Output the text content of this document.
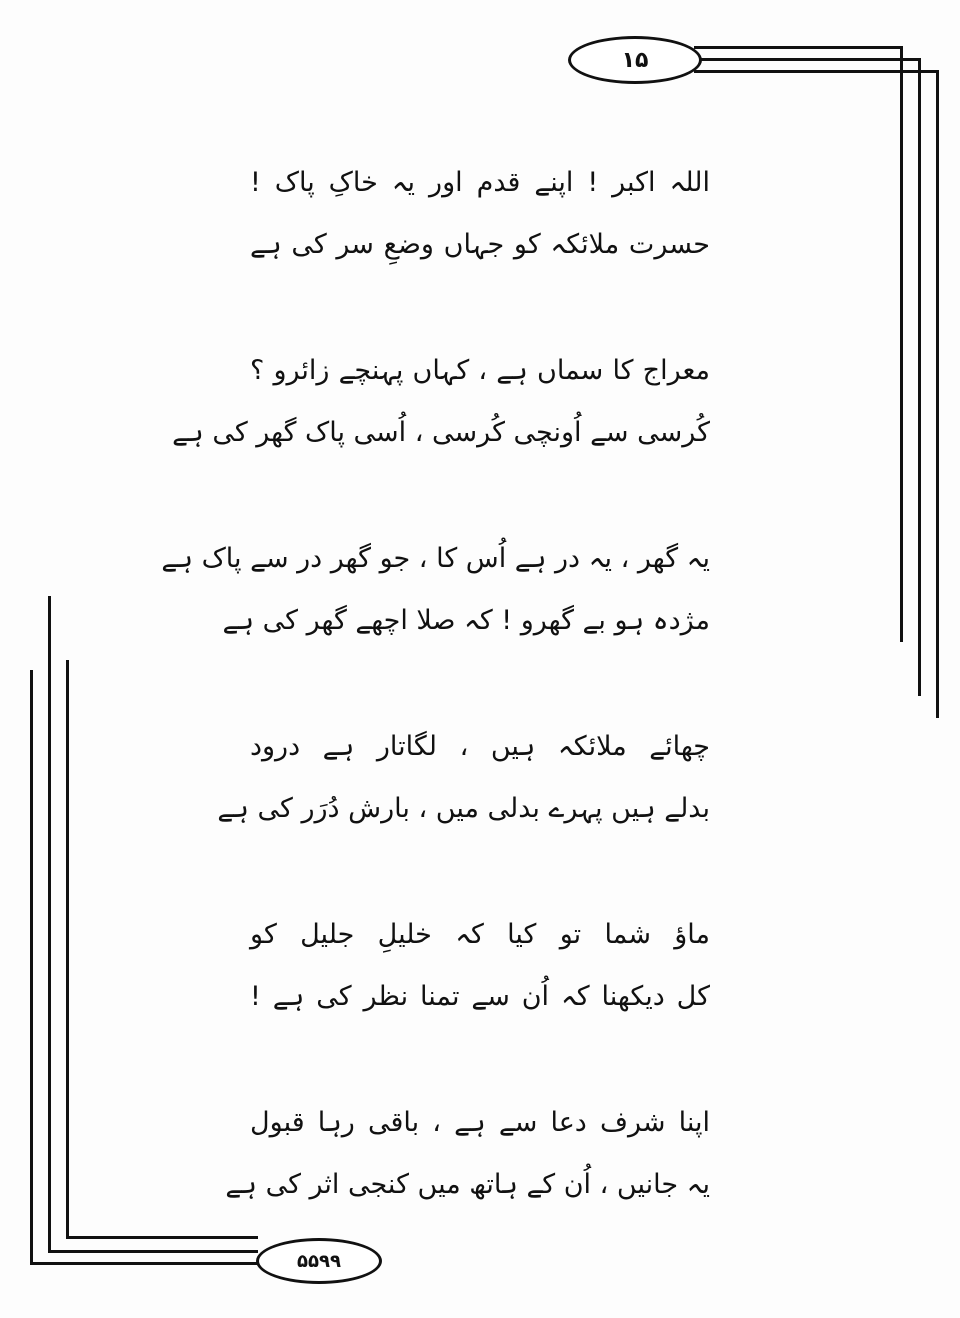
۱۵
۵۵۹۹
اللہ اکبر ! اپنے قدم اور یہ خاکِ پاک !
حسرت ملائکہ کو جہاں وضعِ سر کی ہے
معراج کا سماں ہے ، کہاں پہنچے زائرو ؟
کُرسی سے اُونچی کُرسی ، اُسی پاک گھر کی ہے
یہ گھر ، یہ در ہے اُس کا ، جو گھر در سے پاک ہے
مژدہ ہو بے گھرو ! کہ صلا اچھے گھر کی ہے
چھائے ملائکہ ہیں ، لگاتار ہے درود
بدلے ہیں پہرے بدلی میں ، بارش دُرَر کی ہے
ماؤ شما تو کیا کہ خلیلِ جلیل کو
کل دیکھنا کہ اُن سے تمنا نظر کی ہے !
اپنا شرف دعا سے ہے ، باقی رہا قبول
یہ جانیں ، اُن کے ہاتھ میں کنجی اثر کی ہے
